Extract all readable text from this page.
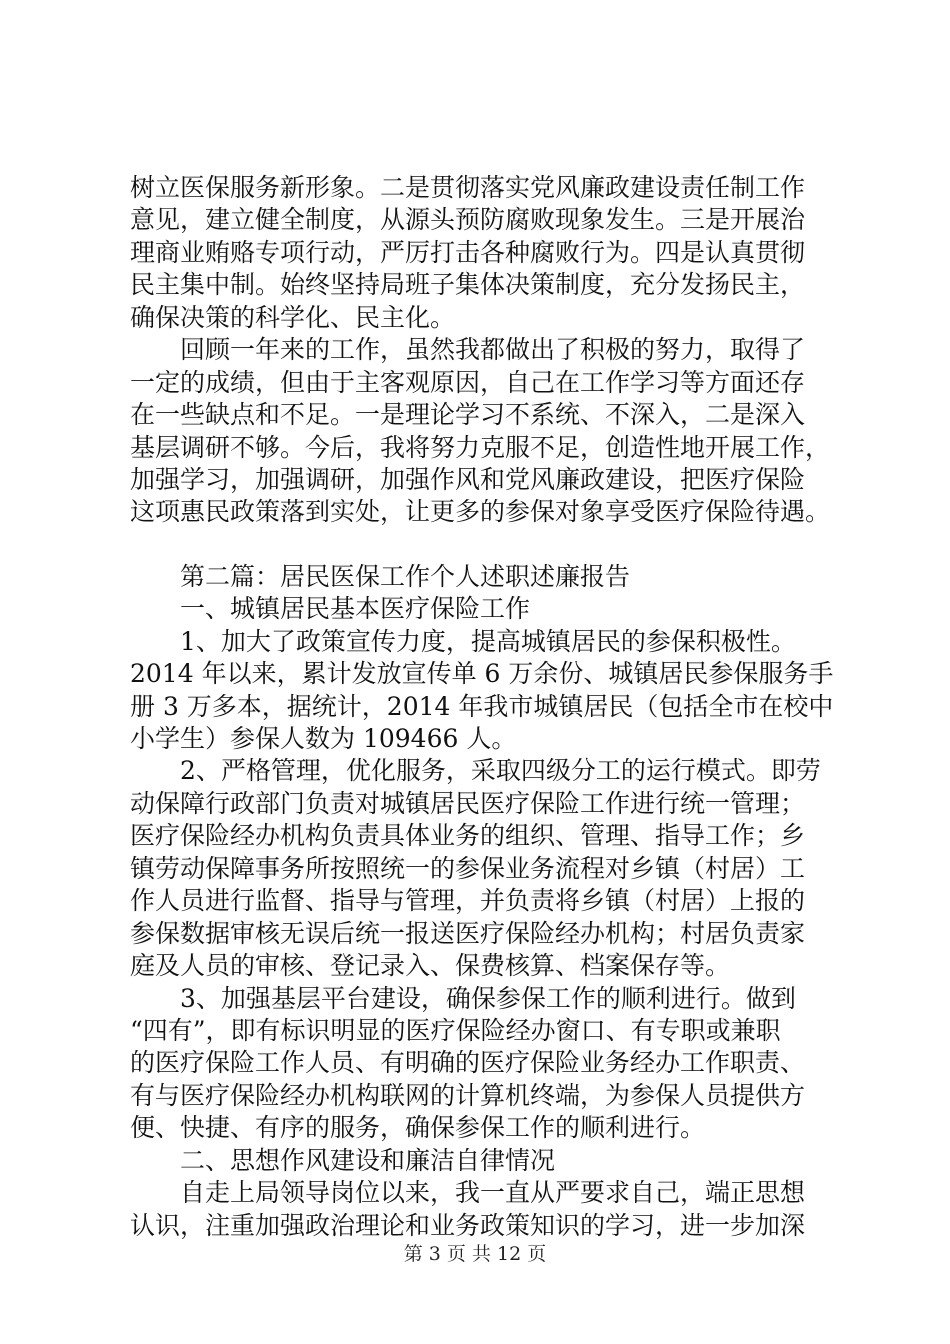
树立医保服务新形象。二是贯彻落实党风廉政建设责任制工作
意见，建立健全制度，从源头预防腐败现象发生。三是开展治
理商业贿赂专项行动，严厉打击各种腐败行为。四是认真贯彻
民主集中制。始终坚持局班子集体决策制度，充分发扬民主，
确保决策的科学化、民主化。
　　回顾一年来的工作，虽然我都做出了积极的努力，取得了
一定的成绩，但由于主客观原因，自己在工作学习等方面还存
在一些缺点和不足。一是理论学习不系统、不深入，二是深入
基层调研不够。今后，我将努力克服不足，创造性地开展工作，
加强学习，加强调研，加强作风和党风廉政建设，把医疗保险
这项惠民政策落到实处，让更多的参保对象享受医疗保险待遇。
　　第二篇：居民医保工作个人述职述廉报告
　　一、城镇居民基本医疗保险工作
　　1、加大了政策宣传力度，提高城镇居民的参保积极性。
2014 年以来，累计发放宣传单 6 万余份、城镇居民参保服务手
册 3 万多本，据统计，2014 年我市城镇居民（包括全市在校中
小学生）参保人数为 109466 人。
　　2、严格管理，优化服务，采取四级分工的运行模式。即劳
动保障行政部门负责对城镇居民医疗保险工作进行统一管理；
医疗保险经办机构负责具体业务的组织、管理、指导工作；乡
镇劳动保障事务所按照统一的参保业务流程对乡镇（村居）工
作人员进行监督、指导与管理，并负责将乡镇（村居）上报的
参保数据审核无误后统一报送医疗保险经办机构；村居负责家
庭及人员的审核、登记录入、保费核算、档案保存等。
　　3、加强基层平台建设，确保参保工作的顺利进行。做到
“四有”，即有标识明显的医疗保险经办窗口、有专职或兼职
的医疗保险工作人员、有明确的医疗保险业务经办工作职责、
有与医疗保险经办机构联网的计算机终端，为参保人员提供方
便、快捷、有序的服务，确保参保工作的顺利进行。
　　二、思想作风建设和廉洁自律情况
　　自走上局领导岗位以来，我一直从严要求自己，端正思想
认识，注重加强政治理论和业务政策知识的学习，进一步加深
第 3 页 共 12 页
